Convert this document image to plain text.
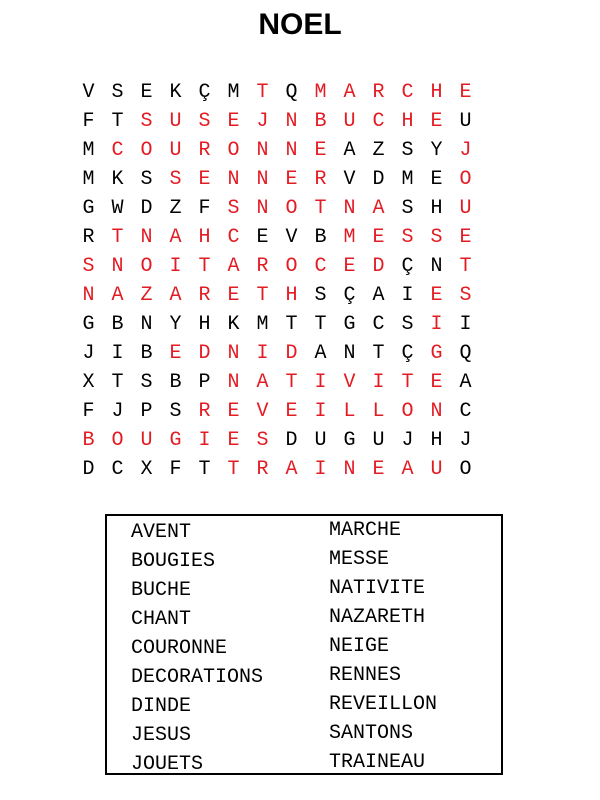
NOEL
V S E K Ç M T Q M A R C H E
F T S U S E J N B U C H E U
M C O U R O N N E A Z S Y J
M K S S E N N E R V D M E O
G W D Z F S N O T N A S H U
R T N A H C E V B M E S S E
S N O I T A R O C E D Ç N T
N A Z A R E T H S Ç A I E S
G B N Y H K M T T G C S I I
J I B E D N I D A N T Ç G Q
X T S B P N A T I V I T E A
F J P S R E V E I L L O N C
B O U G I E S D U G U J H J
D C X F T T R A I N E A U O
AVENT
BOUGIES
BUCHE
CHANT
COURONNE
DECORATIONS
DINDE
JESUS
JOUETS
MARCHE
MESSE
NATIVITE
NAZARETH
NEIGE
RENNES
REVEILLON
SANTONS
TRAINEAU
